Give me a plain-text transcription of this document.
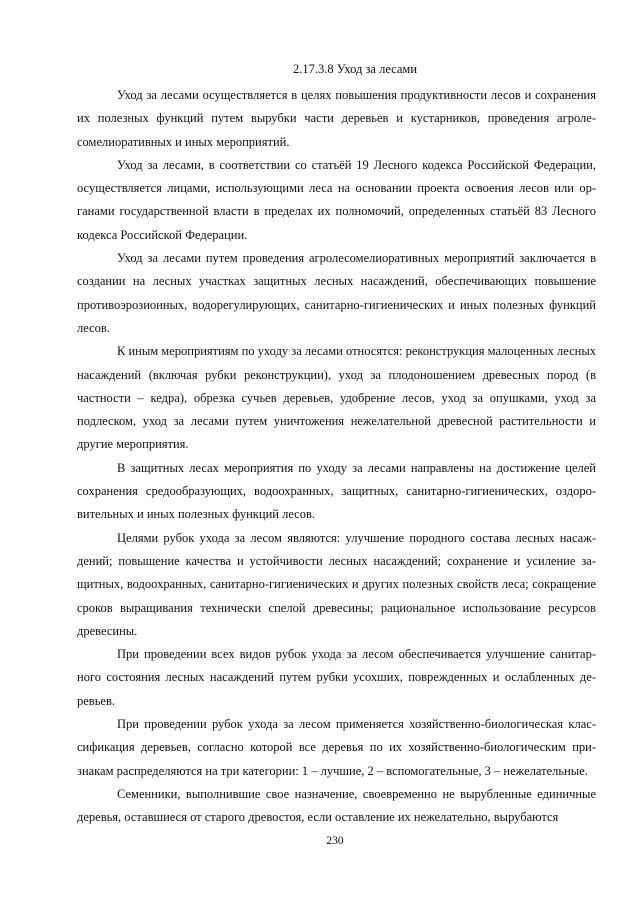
2.17.3.8 Уход за лесами

Уход за лесами осуществляется в целях повышения продуктивности лесов и сохранения их полезных функций путем вырубки части деревьев и кустарников, проведения агролесомелиоративных и иных мероприятий.

Уход за лесами, в соответствии со статьёй 19 Лесного кодекса Российской Федерации, осуществляется лицами, использующими леса на основании проекта освоения лесов или органами государственной власти в пределах их полномочий, определенных статьёй 83 Лесного кодекса Российской Федерации.

Уход за лесами путем проведения агролесомелиоративных мероприятий заключается в создании на лесных участках защитных лесных насаждений, обеспечивающих повышение противоэрозионных, водорегулирующих, санитарно-гигиенических и иных полезных функций лесов.

К иным мероприятиям по уходу за лесами относятся: реконструкция малоценных лесных насаждений (включая рубки реконструкции), уход за плодоношением древесных пород (в частности – кедра), обрезка сучьев деревьев, удобрение лесов, уход за опушками, уход за подлеском, уход за лесами путем уничтожения нежелательной древесной растительности и другие мероприятия.

В защитных лесах мероприятия по уходу за лесами направлены на достижение целей сохранения средообразующих, водоохранных, защитных, санитарно-гигиенических, оздоровительных и иных полезных функций лесов.

Целями рубок ухода за лесом являются: улучшение породного состава лесных насаждений; повышение качества и устойчивости лесных насаждений; сохранение и усиление защитных, водоохранных, санитарно-гигиенических и других полезных свойств леса; сокращение сроков выращивания технически спелой древесины; рациональное использование ресурсов древесины.

При проведении всех видов рубок ухода за лесом обеспечивается улучшение санитарного состояния лесных насаждений путем рубки усохших, поврежденных и ослабленных деревьев.

При проведении рубок ухода за лесом применяется хозяйственно-биологическая классификация деревьев, согласно которой все деревья по их хозяйственно-биологическим признакам распределяются на три категории: 1 – лучшие, 2 – вспомогательные, 3 – нежелательные.

Семенники, выполнившие свое назначение, своевременно не вырубленные единичные деревья, оставшиеся от старого древостоя, если оставление их нежелательно, вырубаются

230
